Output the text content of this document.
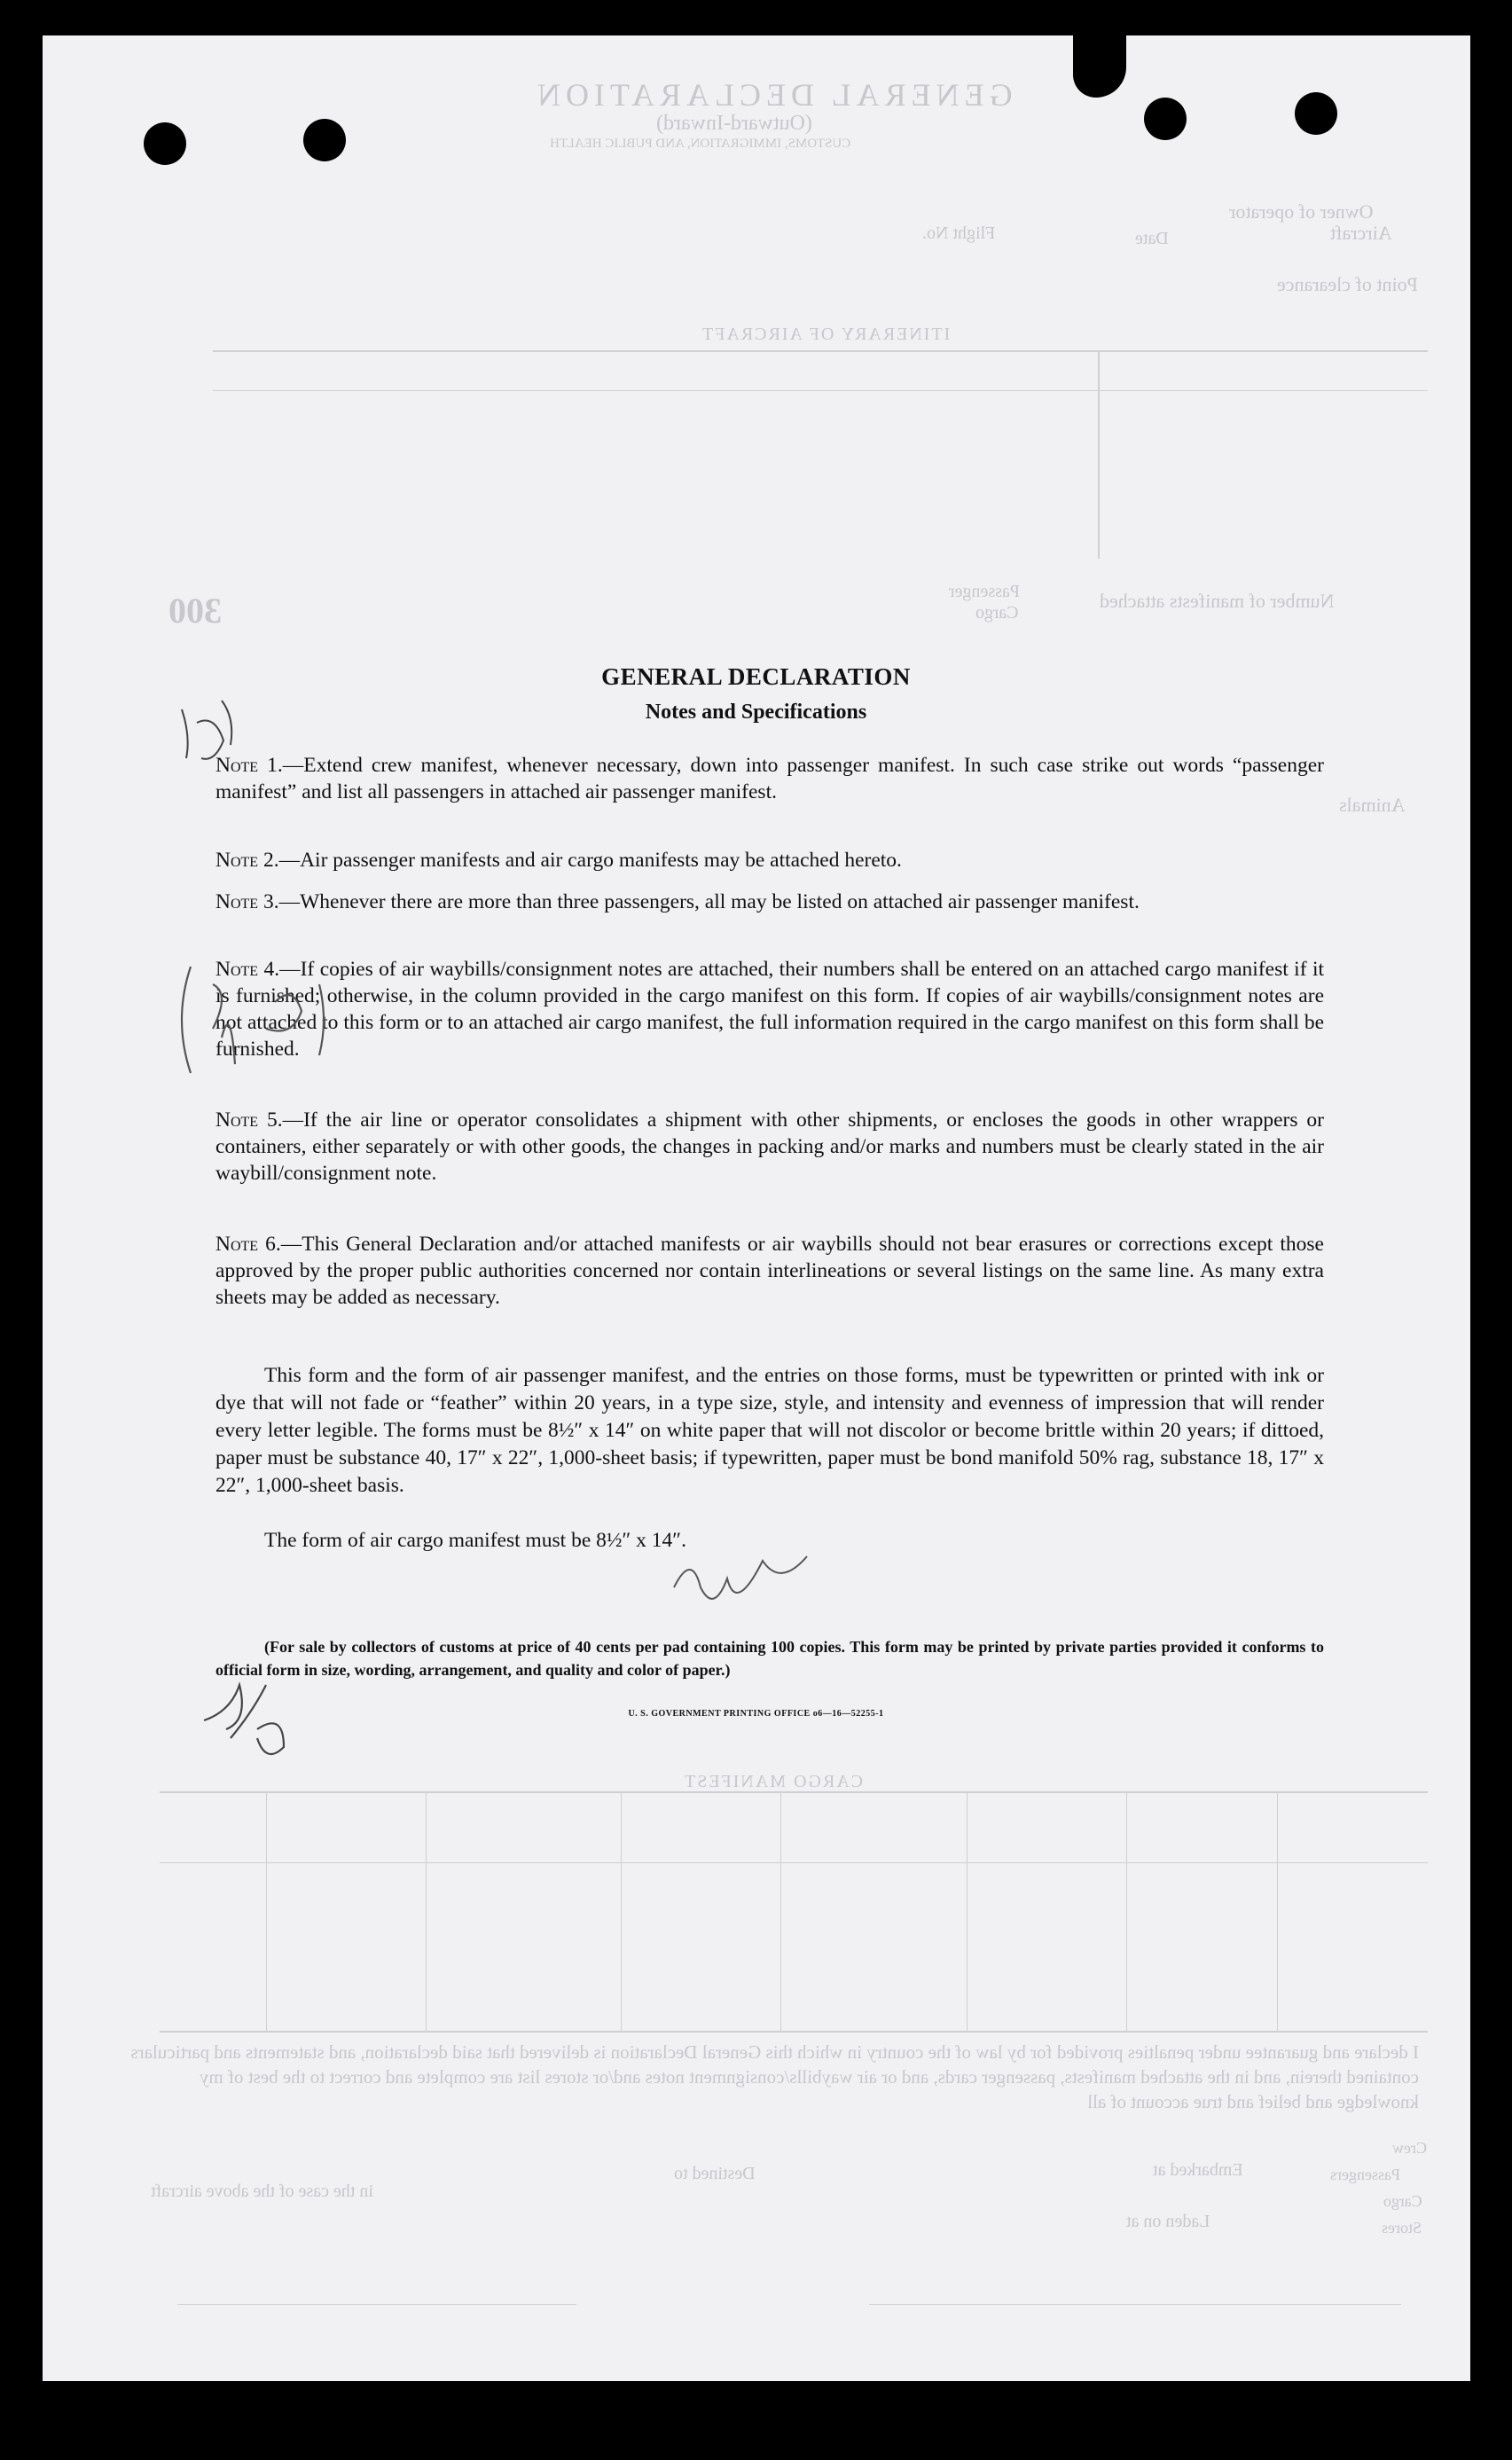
GENERAL DECLARATION
(Outward-Inward)
CUSTOMS, IMMIGRATION, AND PUBLIC HEALTH
Owner of operator
Aircraft
Flight No.	Date
Point of clearance
ITINERARY OF AIRCRAFT
300	Number of manifests attached
Passenger
Cargo
Animals
CARGO MANIFEST
I declare and guarantee under penalties provided for by law of the country in which this General Declaration is delivered that said declaration, and statements and particulars contained therein, and in the attached manifests, passenger cards, and or air waybills/consignment notes and/or stores list are complete and correct to the best of my knowledge and belief and true account of all
Crew
Passengers
Cargo
Stores
Embarked at
Destined to
Laden on at
in the case of the above aircraft
GENERAL DECLARATION
Notes and Specifications
Note 1.—Extend crew manifest, whenever necessary, down into passenger manifest. In such case strike out words “passenger manifest” and list all passengers in attached air passenger manifest.
Note 2.—Air passenger manifests and air cargo manifests may be attached hereto.
Note 3.—Whenever there are more than three passengers, all may be listed on attached air passenger manifest.
Note 4.—If copies of air waybills/consignment notes are attached, their numbers shall be entered on an attached cargo manifest if it is furnished; otherwise, in the column provided in the cargo manifest on this form. If copies of air waybills/consignment notes are not attached to this form or to an attached air cargo manifest, the full information required in the cargo manifest on this form shall be furnished.
Note 5.—If the air line or operator consolidates a shipment with other shipments, or encloses the goods in other wrappers or containers, either separately or with other goods, the changes in packing and/or marks and numbers must be clearly stated in the air waybill/consignment note.
Note 6.—This General Declaration and/or attached manifests or air waybills should not bear erasures or corrections except those approved by the proper public authorities concerned nor contain interlineations or several listings on the same line. As many extra sheets may be added as necessary.
This form and the form of air passenger manifest, and the entries on those forms, must be typewritten or printed with ink or dye that will not fade or “feather” within 20 years, in a type size, style, and intensity and evenness of impression that will render every letter legible. The forms must be 8½″ x 14″ on white paper that will not discolor or become brittle within 20 years; if dittoed, paper must be substance 40, 17″ x 22″, 1,000-sheet basis; if typewritten, paper must be bond manifold 50% rag, substance 18, 17″ x 22″, 1,000-sheet basis.
The form of air cargo manifest must be 8½″ x 14″.
(For sale by collectors of customs at price of 40 cents per pad containing 100 copies. This form may be printed by private parties provided it conforms to official form in size, wording, arrangement, and quality and color of paper.)
U. S. GOVERNMENT PRINTING OFFICE o6—16—52255-1
